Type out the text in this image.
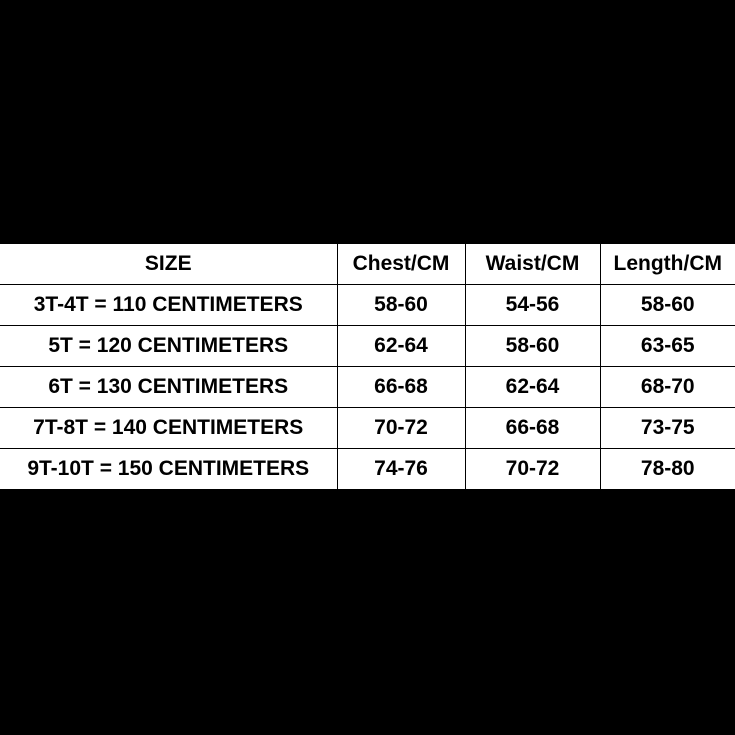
SIZE	Chest/CM	Waist/CM	Length/CM
3T-4T = 110 CENTIMETERS	58-60	54-56	58-60
5T = 120 CENTIMETERS	62-64	58-60	63-65
6T = 130 CENTIMETERS	66-68	62-64	68-70
7T-8T = 140 CENTIMETERS	70-72	66-68	73-75
9T-10T = 150 CENTIMETERS	74-76	70-72	78-80
